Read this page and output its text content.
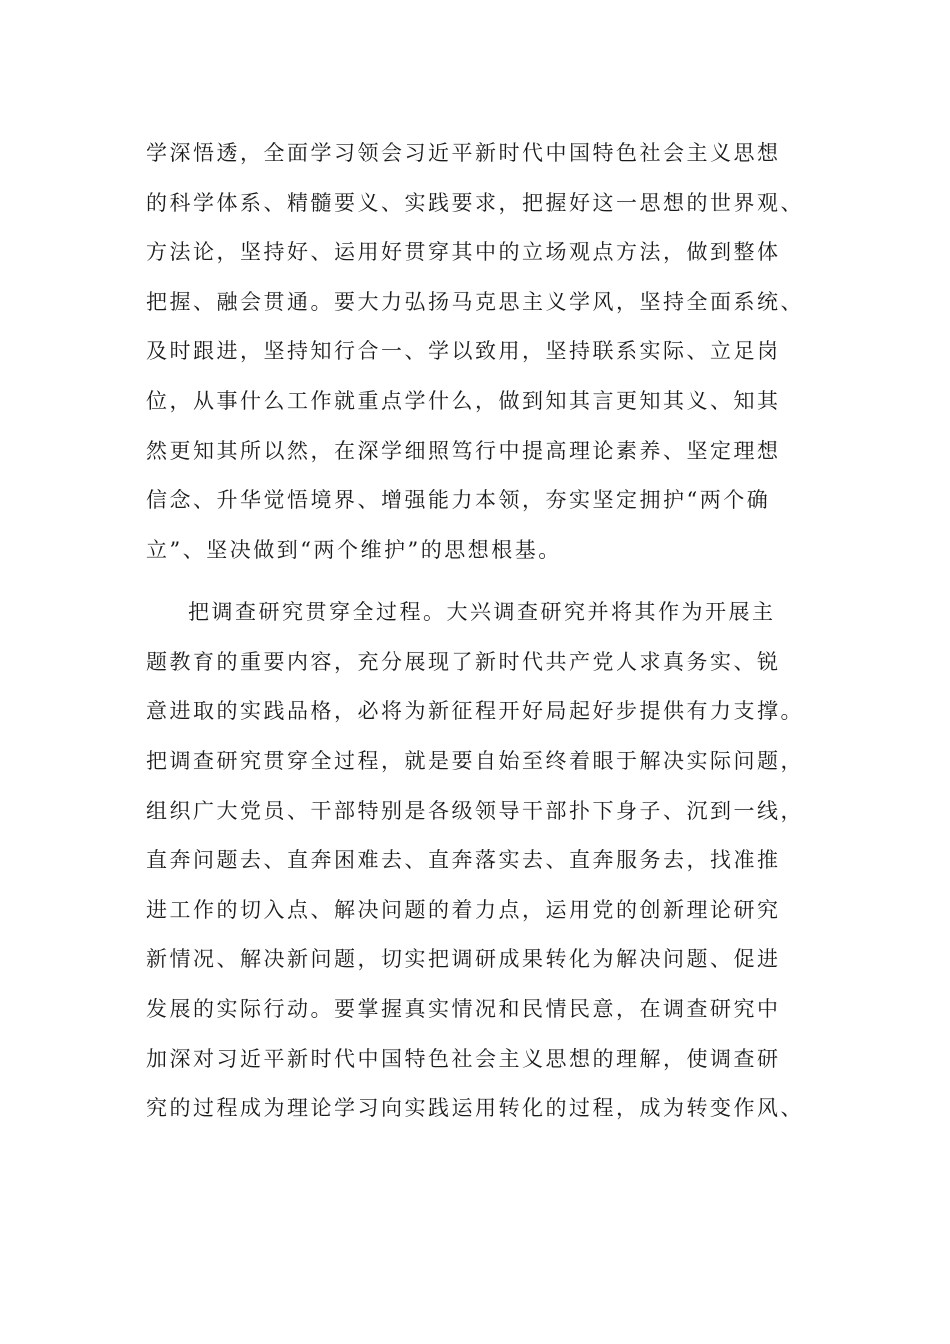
学深悟透，全面学习领会习近平新时代中国特色社会主义思想
的科学体系、精髓要义、实践要求，把握好这一思想的世界观、
方法论，坚持好、运用好贯穿其中的立场观点方法，做到整体
把握、融会贯通。要大力弘扬马克思主义学风，坚持全面系统、
及时跟进，坚持知行合一、学以致用，坚持联系实际、立足岗
位，从事什么工作就重点学什么，做到知其言更知其义、知其
然更知其所以然，在深学细照笃行中提高理论素养、坚定理想
信念、升华觉悟境界、增强能力本领，夯实坚定拥护“两个确
立”、坚决做到“两个维护”的思想根基。
把调查研究贯穿全过程。大兴调查研究并将其作为开展主
题教育的重要内容，充分展现了新时代共产党人求真务实、锐
意进取的实践品格，必将为新征程开好局起好步提供有力支撑。
把调查研究贯穿全过程，就是要自始至终着眼于解决实际问题，
组织广大党员、干部特别是各级领导干部扑下身子、沉到一线，
直奔问题去、直奔困难去、直奔落实去、直奔服务去，找准推
进工作的切入点、解决问题的着力点，运用党的创新理论研究
新情况、解决新问题，切实把调研成果转化为解决问题、促进
发展的实际行动。要掌握真实情况和民情民意，在调查研究中
加深对习近平新时代中国特色社会主义思想的理解，使调查研
究的过程成为理论学习向实践运用转化的过程，成为转变作风、
